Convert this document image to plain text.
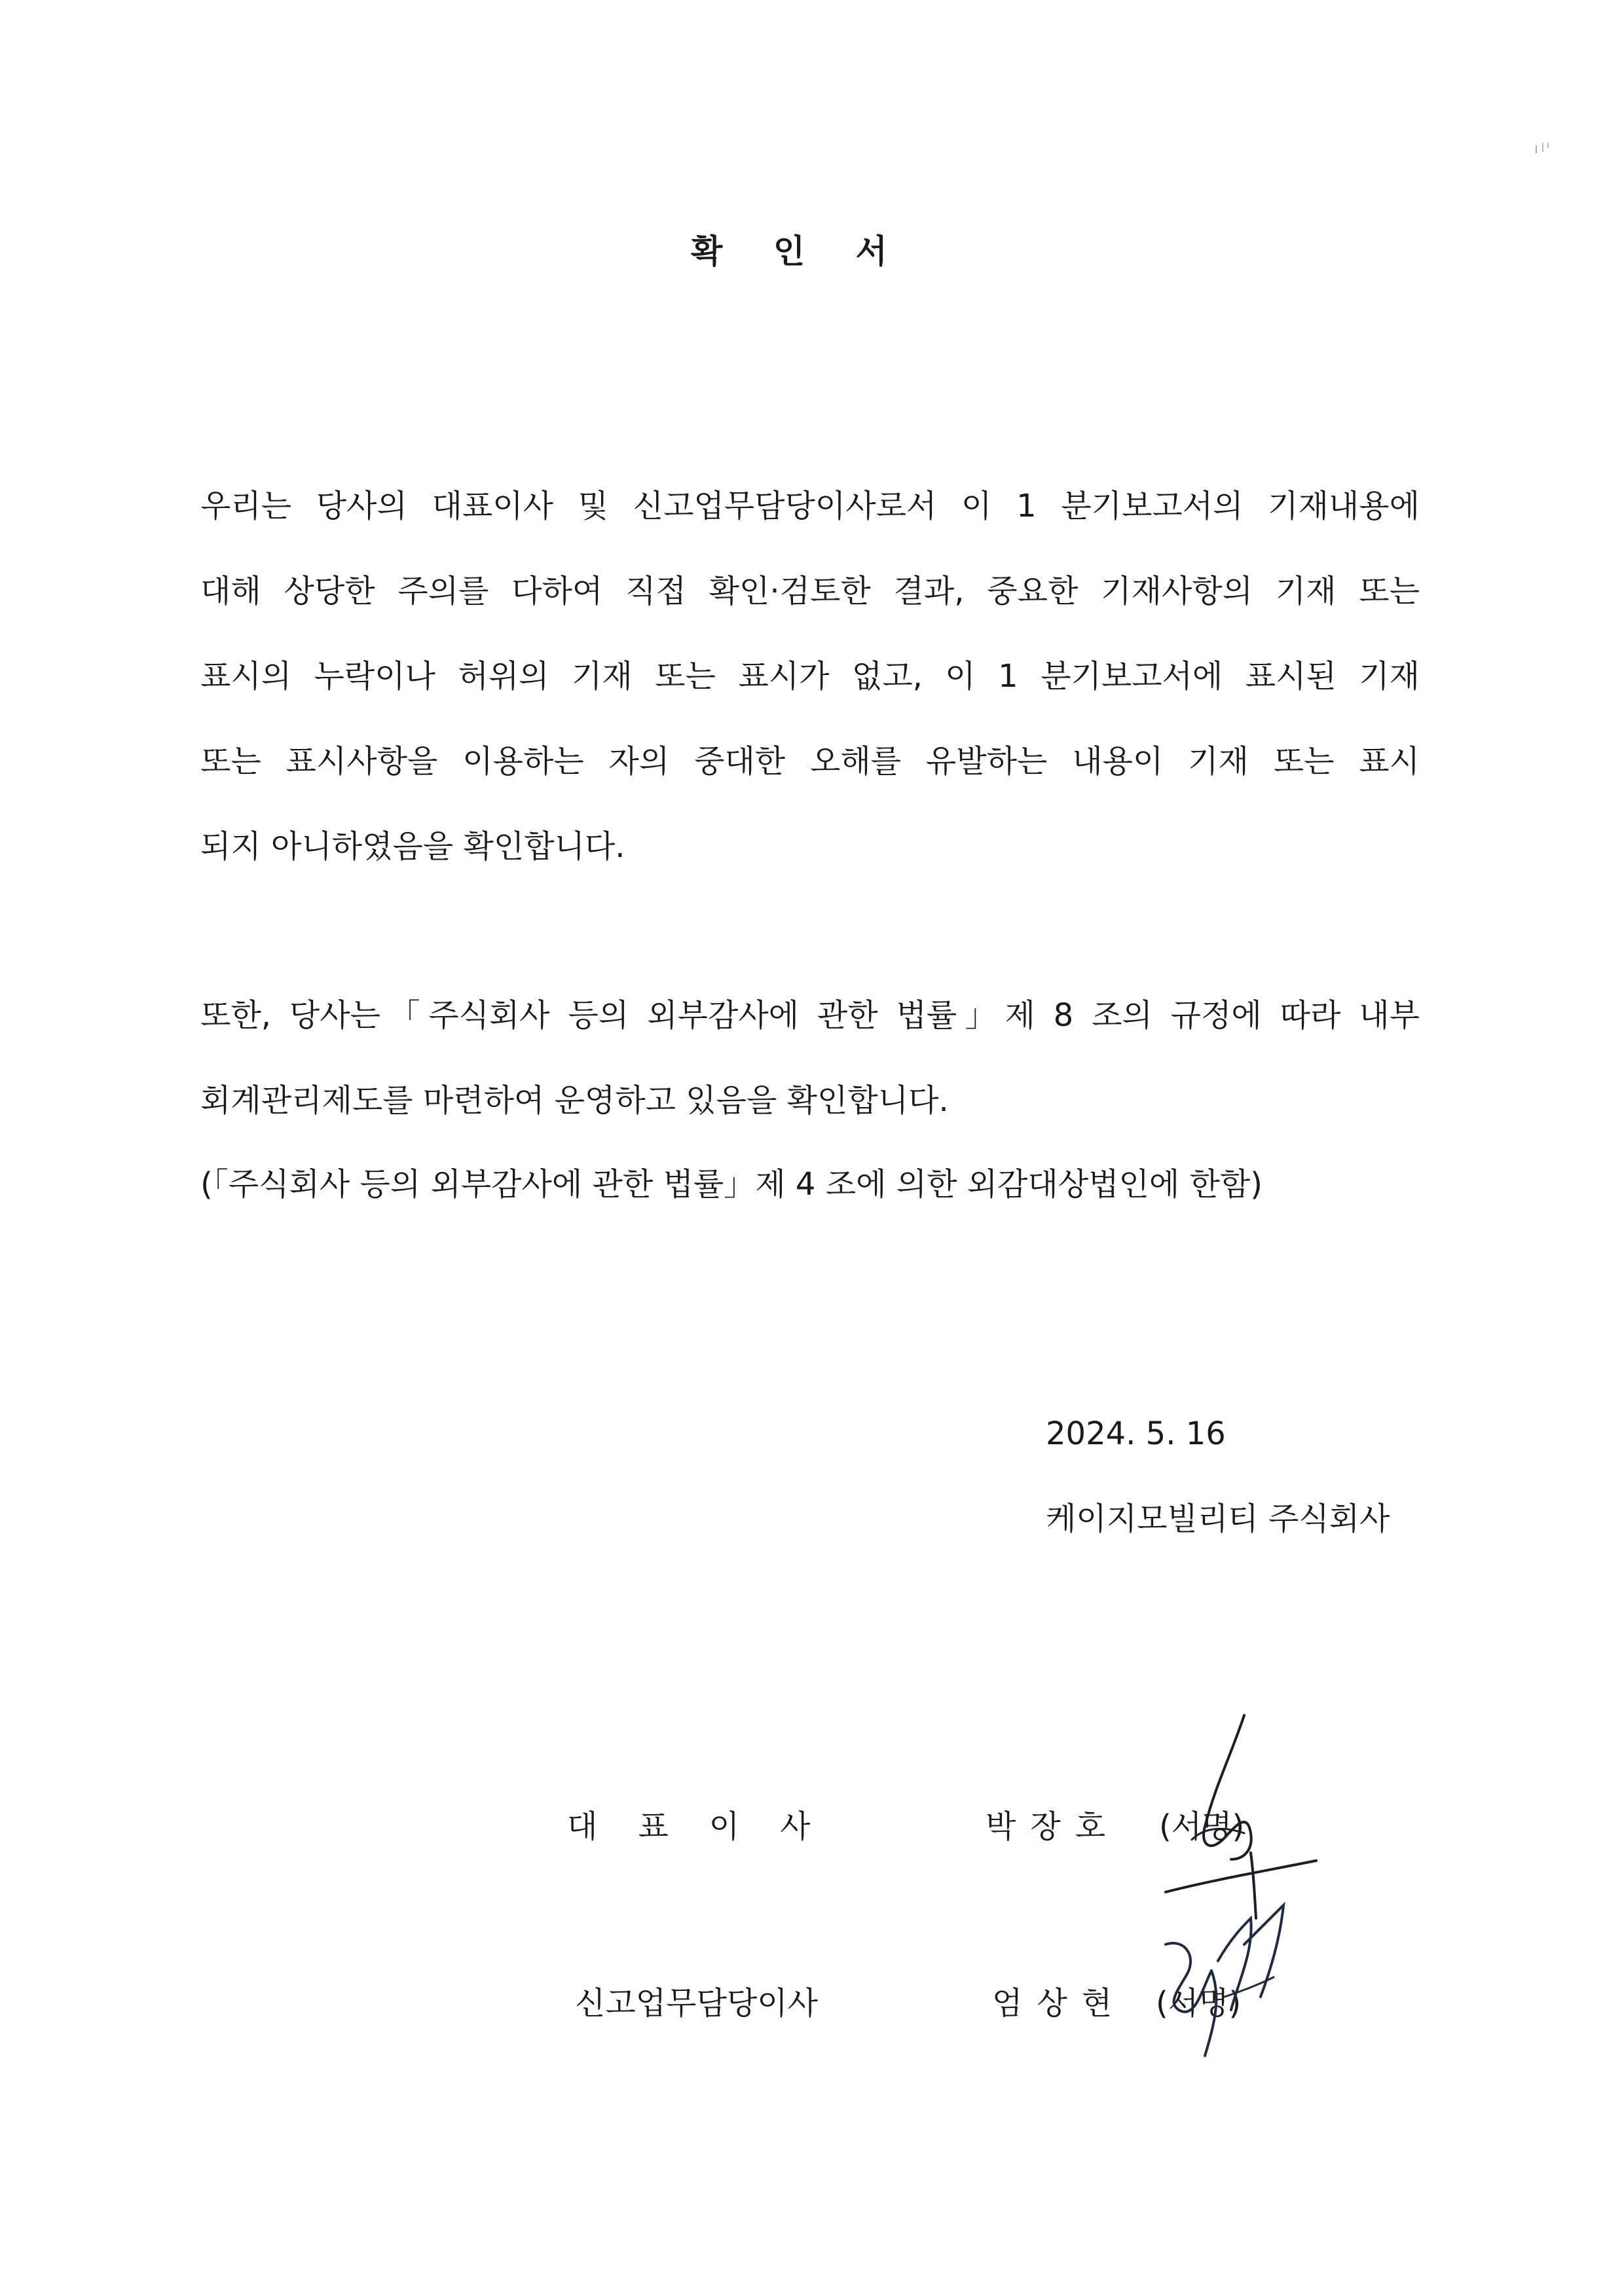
확 인 서
우리는 당사의 대표이사 및 신고업무담당이사로서 이 1 분기보고서의 기재내용에
대해 상당한 주의를 다하여 직접 확인·검토한 결과, 중요한 기재사항의 기재 또는
표시의 누락이나 허위의 기재 또는 표시가 없고, 이 1 분기보고서에 표시된 기재
또는 표시사항을 이용하는 자의 중대한 오해를 유발하는 내용이 기재 또는 표시
되지 아니하였음을 확인합니다.
또한, 당사는「주식회사 등의 외부감사에 관한 법률」제 8 조의 규정에 따라 내부
회계관리제도를 마련하여 운영하고 있음을 확인합니다.
(「주식회사 등의 외부감사에 관한 법률」제 4 조에 의한 외감대상법인에 한함)
2024. 5. 16
케이지모빌리티 주식회사
대표이사	박장호 (서명)
신고업무담당이사	엄상현 (서명)
